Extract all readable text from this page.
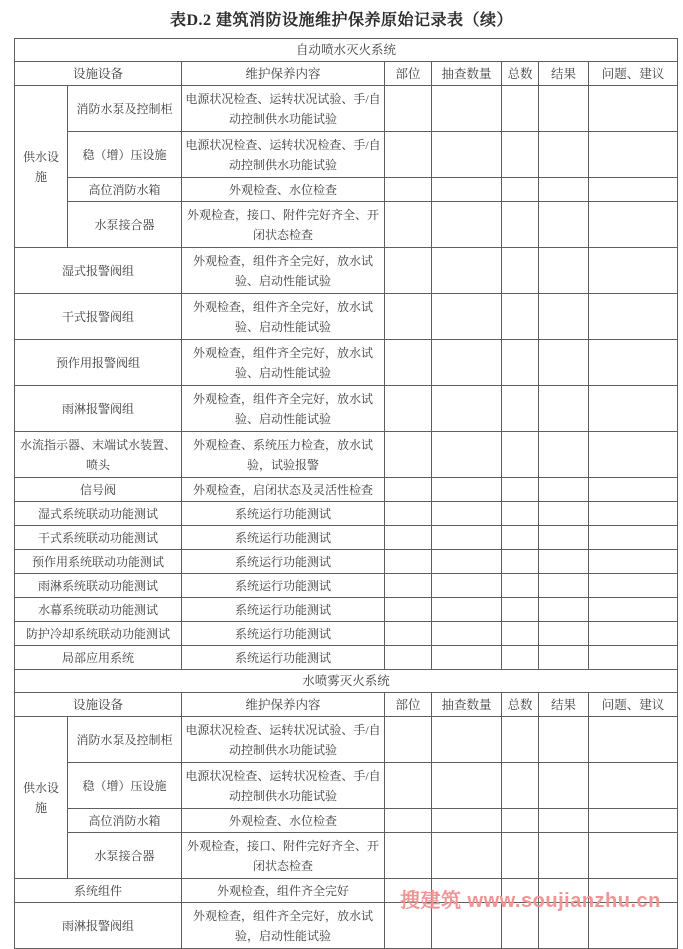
表D.2 建筑消防设施维护保养原始记录表（续）
自动喷水灭火系统							
设施设备		维护保养内容	部位	抽查数量	总数	结果	问题、建议
供水设施	消防水泵及控制柜	电源状况检查、运转状况试验、手/自动控制供水功能试验					
	稳（增）压设施	电源状况检查、运转状况检查、手/自动控制供水功能试验					
	高位消防水箱	外观检查、水位检查					
	水泵接合器	外观检查，接口、附件完好齐全、开闭状态检查					
湿式报警阀组		外观检查，组件齐全完好，放水试验、启动性能试验					
干式报警阀组		外观检查，组件齐全完好，放水试验、启动性能试验					
预作用报警阀组		外观检查，组件齐全完好，放水试验、启动性能试验					
雨淋报警阀组		外观检查，组件齐全完好，放水试验、启动性能试验					
水流指示器、末端试水装置、喷头		外观检查、系统压力检查，放水试验，试验报警					
信号阀		外观检查，启闭状态及灵活性检查					
湿式系统联动功能测试		系统运行功能测试					
干式系统联动功能测试		系统运行功能测试					
预作用系统联动功能测试		系统运行功能测试					
雨淋系统联动功能测试		系统运行功能测试					
水幕系统联动功能测试		系统运行功能测试					
防护冷却系统联动功能测试		系统运行功能测试					
局部应用系统		系统运行功能测试					
水喷雾灭火系统							
设施设备		维护保养内容	部位	抽查数量	总数	结果	问题、建议
供水设施	消防水泵及控制柜	电源状况检查、运转状况试验、手/自动控制供水功能试验					
	稳（增）压设施	电源状况检查、运转状况检查、手/自动控制供水功能试验					
	高位消防水箱	外观检查、水位检查					
	水泵接合器	外观检查，接口、附件完好齐全、开闭状态检查					
系统组件		外观检查，组件齐全完好					
雨淋报警阀组		外观检查，组件齐全完好，放水试验，启动性能试验					
搜建筑 www.soujianzhu.cn
